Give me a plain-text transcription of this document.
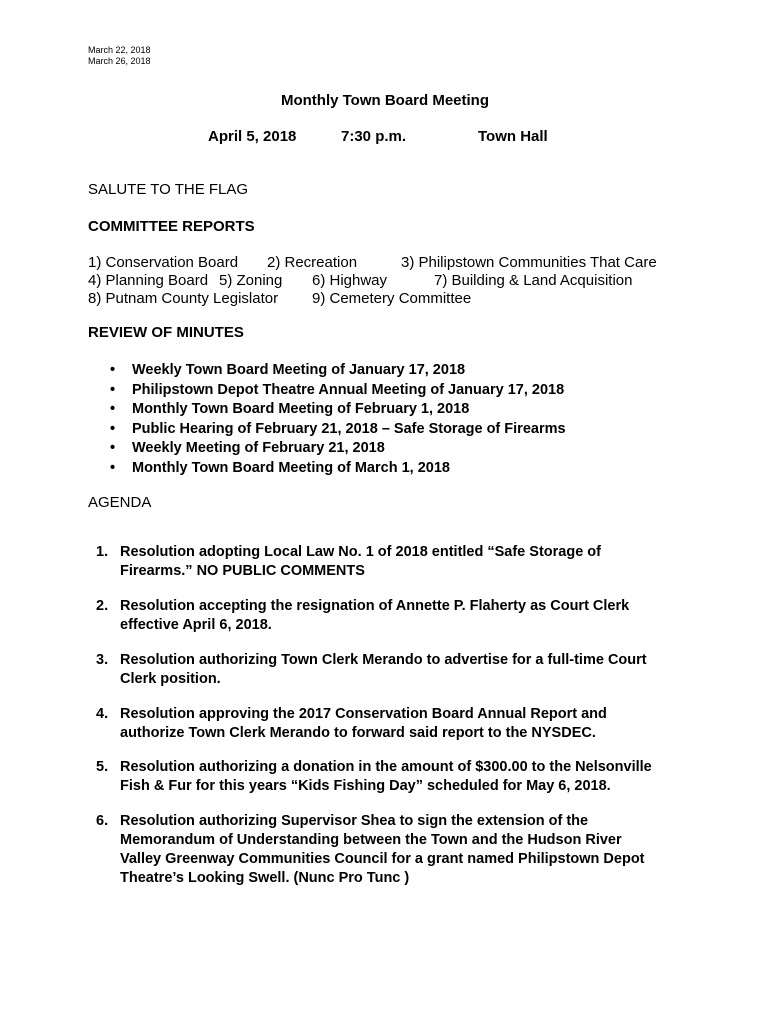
March 22, 2018
March 26, 2018
Monthly Town Board Meeting
April 5, 2018	7:30 p.m.	Town Hall
SALUTE TO THE FLAG
COMMITTEE REPORTS
1) Conservation Board 2) Recreation	3) Philipstown Communities That Care
4) Planning Board 5) Zoning 6) Highway	7) Building & Land Acquisition
8) Putnam County Legislator 9) Cemetery Committee
REVIEW OF MINUTES
• Weekly Town Board Meeting of January 17, 2018
• Philipstown Depot Theatre Annual Meeting of January 17, 2018
• Monthly Town Board Meeting of February 1, 2018
• Public Hearing of February 21, 2018 – Safe Storage of Firearms
• Weekly Meeting of February 21, 2018
• Monthly Town Board Meeting of March 1, 2018
AGENDA
1. Resolution adopting Local Law No. 1 of 2018 entitled “Safe Storage of
Firearms.” NO PUBLIC COMMENTS
2. Resolution accepting the resignation of Annette P. Flaherty as Court Clerk
effective April 6, 2018.
3. Resolution authorizing Town Clerk Merando to advertise for a full-time Court
Clerk position.
4. Resolution approving the 2017 Conservation Board Annual Report and
authorize Town Clerk Merando to forward said report to the NYSDEC.
5. Resolution authorizing a donation in the amount of $300.00 to the Nelsonville
Fish & Fur for this years “Kids Fishing Day” scheduled for May 6, 2018.
6. Resolution authorizing Supervisor Shea to sign the extension of the
Memorandum of Understanding between the Town and the Hudson River
Valley Greenway Communities Council for a grant named Philipstown Depot
Theatre’s Looking Swell. (Nunc Pro Tunc )
